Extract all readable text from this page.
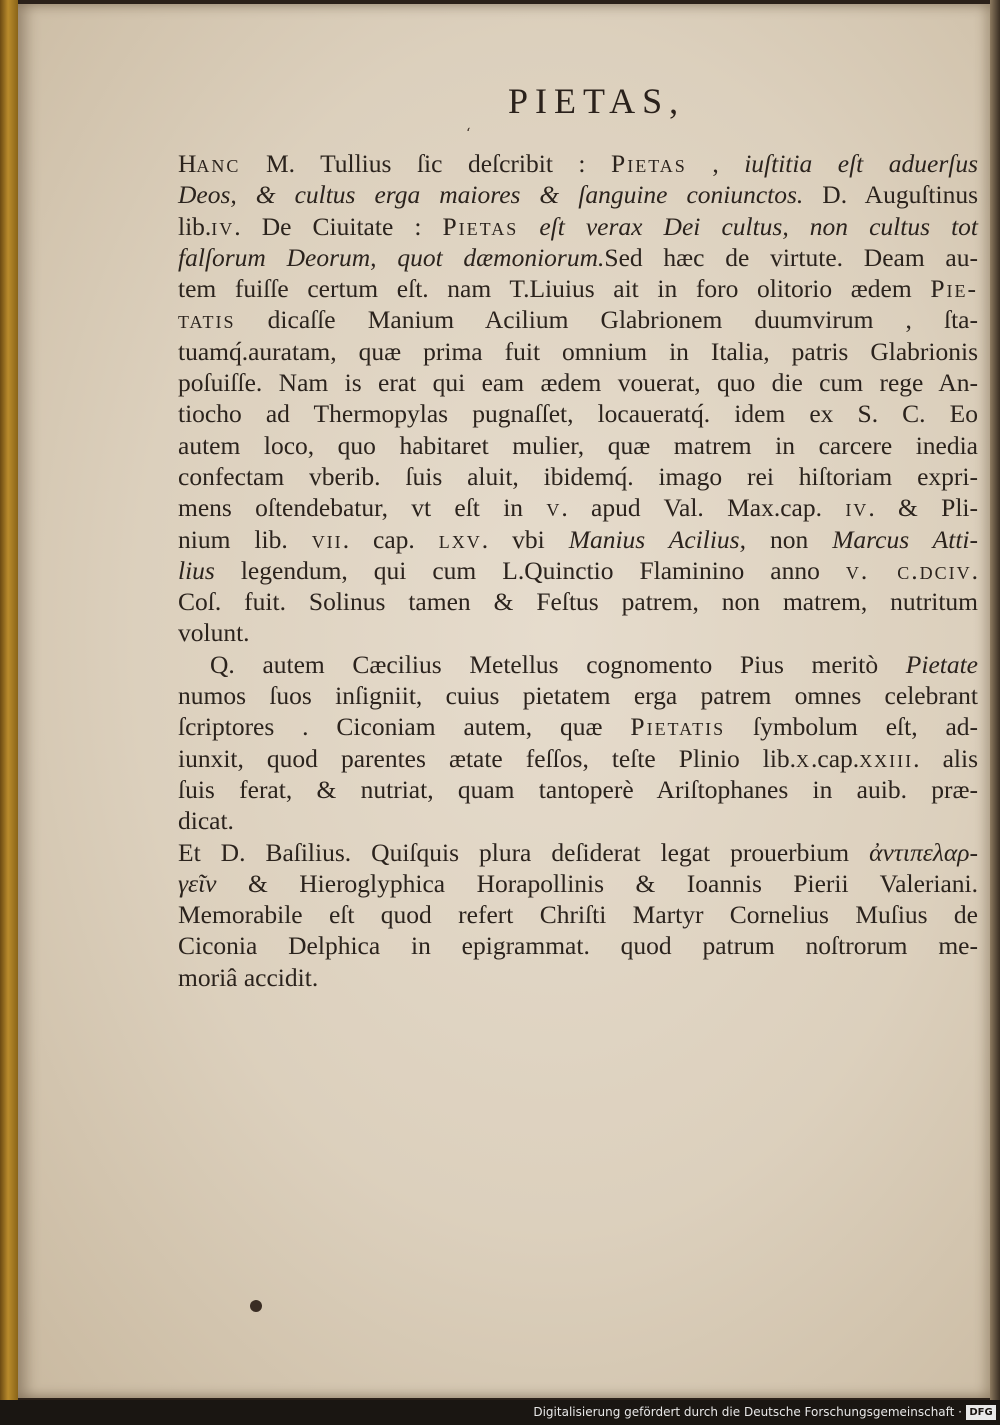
PIETAS,
ʻ
Hanc M. Tullius ſic deſcribit : Pietas , iuſtitia eſt aduerſus
Deos, & cultus erga maiores & ſanguine coniunctos. D. Auguſtinus
lib.iv. De Ciuitate : Pietas eſt verax Dei cultus, non cultus tot
falſorum Deorum, quot dæmoniorum.Sed hæc de virtute. Deam au-
tem fuiſſe certum eſt. nam T.Liuius ait in foro olitorio ædem Pie-
tatis dicaſſe Manium Acilium Glabrionem duumvirum , ſta-
tuamq́.auratam, quæ prima fuit omnium in Italia, patris Glabrionis
poſuiſſe. Nam is erat qui eam ædem vouerat, quo die cum rege An-
tiocho ad Thermopylas pugnaſſet, locaueratq́. idem ex S. C. Eo
autem loco, quo habitaret mulier, quæ matrem in carcere inedia
confectam vberib. ſuis aluit, ibidemq́. imago rei hiſtoriam expri-
mens oſtendebatur, vt eſt in v. apud Val. Max.cap. iv. & Pli-
nium lib. vii. cap. lxv. vbi Manius Acilius, non Marcus Atti-
lius legendum, qui cum L.Quinctio Flaminino anno v. c.dciv.
Coſ. fuit. Solinus tamen & Feſtus patrem, non matrem, nutritum
volunt.
Q. autem Cæcilius Metellus cognomento Pius meritò Pietate
numos ſuos inſigniit, cuius pietatem erga patrem omnes celebrant
ſcriptores . Ciconiam autem, quæ Pietatis ſymbolum eſt, ad-
iunxit, quod parentes ætate feſſos, teſte Plinio lib.x.cap.xxiii. alis
ſuis ferat, & nutriat, quam tantoperè Ariſtophanes in auib. præ-
dicat.
Et D. Baſilius. Quiſquis plura deſiderat legat prouerbium ἀντιπελαρ-
γεῖν & Hieroglyphica Horapollinis & Ioannis Pierii Valeriani.
Memorabile eſt quod refert Chriſti Martyr Cornelius Muſius de
Ciconia Delphica in epigrammat. quod patrum noſtrorum me-
moriâ accidit.
Digitalisierung gefördert durch die Deutsche Forschungsgemeinschaft · DFG
